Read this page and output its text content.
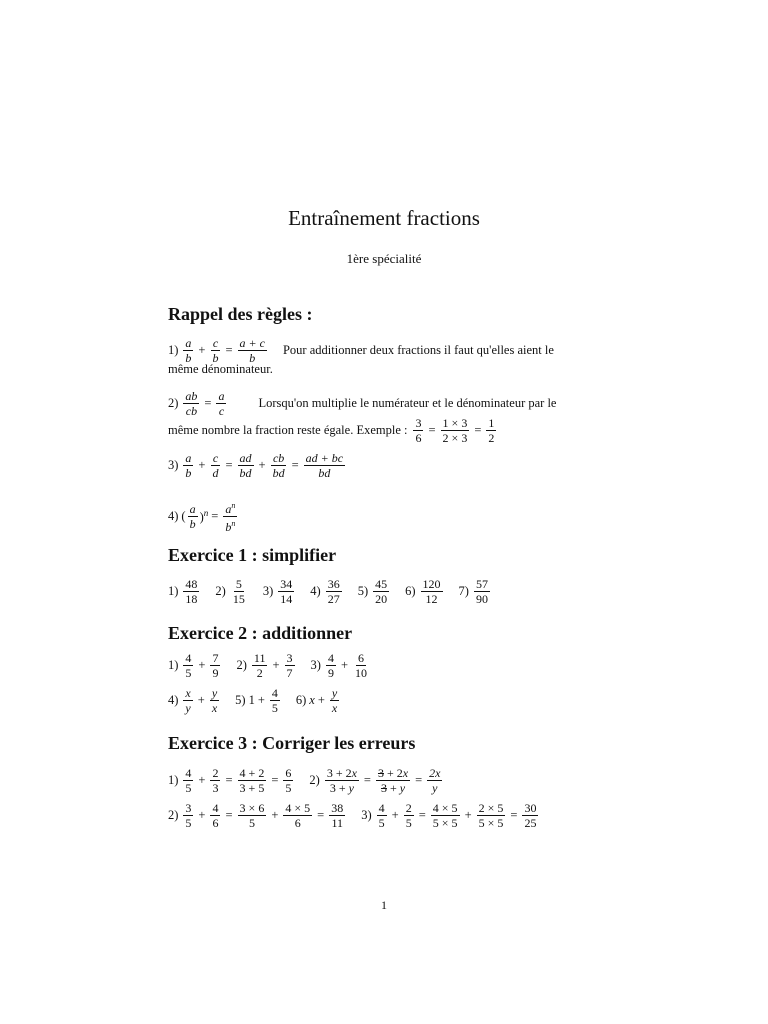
Entraînement fractions
1ère spécialité
Rappel des règles :
$1) \frac{a}{b} + \frac{c}{b} = \frac{a + c}{b}$ Pour additionner deux fractions il faut qu'elles aient le
même dénominateur.
$2) \frac{ab}{cb} = \frac{a}{c}$	Lorsqu'on multiplie le numérateur et le dénominateur par le
même nombre la fraction reste égale. Exemple : $\frac{3}{6} = \frac{1 \times 3}{2 \times 3} = \frac{1}{2}$
$3) \frac{a}{b} + \frac{c}{d} = \frac{ad}{bd} + \frac{cb}{bd} = \frac{ad + bc}{bd}$
4) ( $\frac{a}{b} )^n = \frac{a^n}{b^n}$
Exercice 1 : simplifier
$1) \frac{48}{18} 2) \frac{5}{15} 3) \frac{34}{14} 4) \frac{36}{27} 5) \frac{45}{20} 6) \frac{120}{12} 7) \frac{57}{90}$
Exercice 2 : additionner
$1) \frac{4}{5} + \frac{7}{9} 2) \frac{11}{2} + \frac{3}{7} 3) \frac{4}{9} + \frac{6}{10}$
$4) \frac{x}{y} + \frac{y}{x} 5$) $1 + \frac{4}{5} 6$) $x + \frac{y}{x}$
Exercice 3 : Corriger les erreurs
$1) \frac{4}{5} + \frac{2}{3} = \frac{4 + 2}{3 + 5} = \frac{6}{5} 2) \frac{3 + 2x}{3 + y} = \frac{3 + 2x}{3 + y} = \frac{2x}{y}$
$2) \frac{3}{5} + \frac{4}{6} = \frac{3 \times 6}{5} + \frac{4 \times 5}{6} = \frac{38}{11} 3) \frac{4}{5} + \frac{2}{5} = \frac{4 \times 5}{5 \times 5} + \frac{2 \times 5}{5 \times 5} = \frac{30}{25}$
1
